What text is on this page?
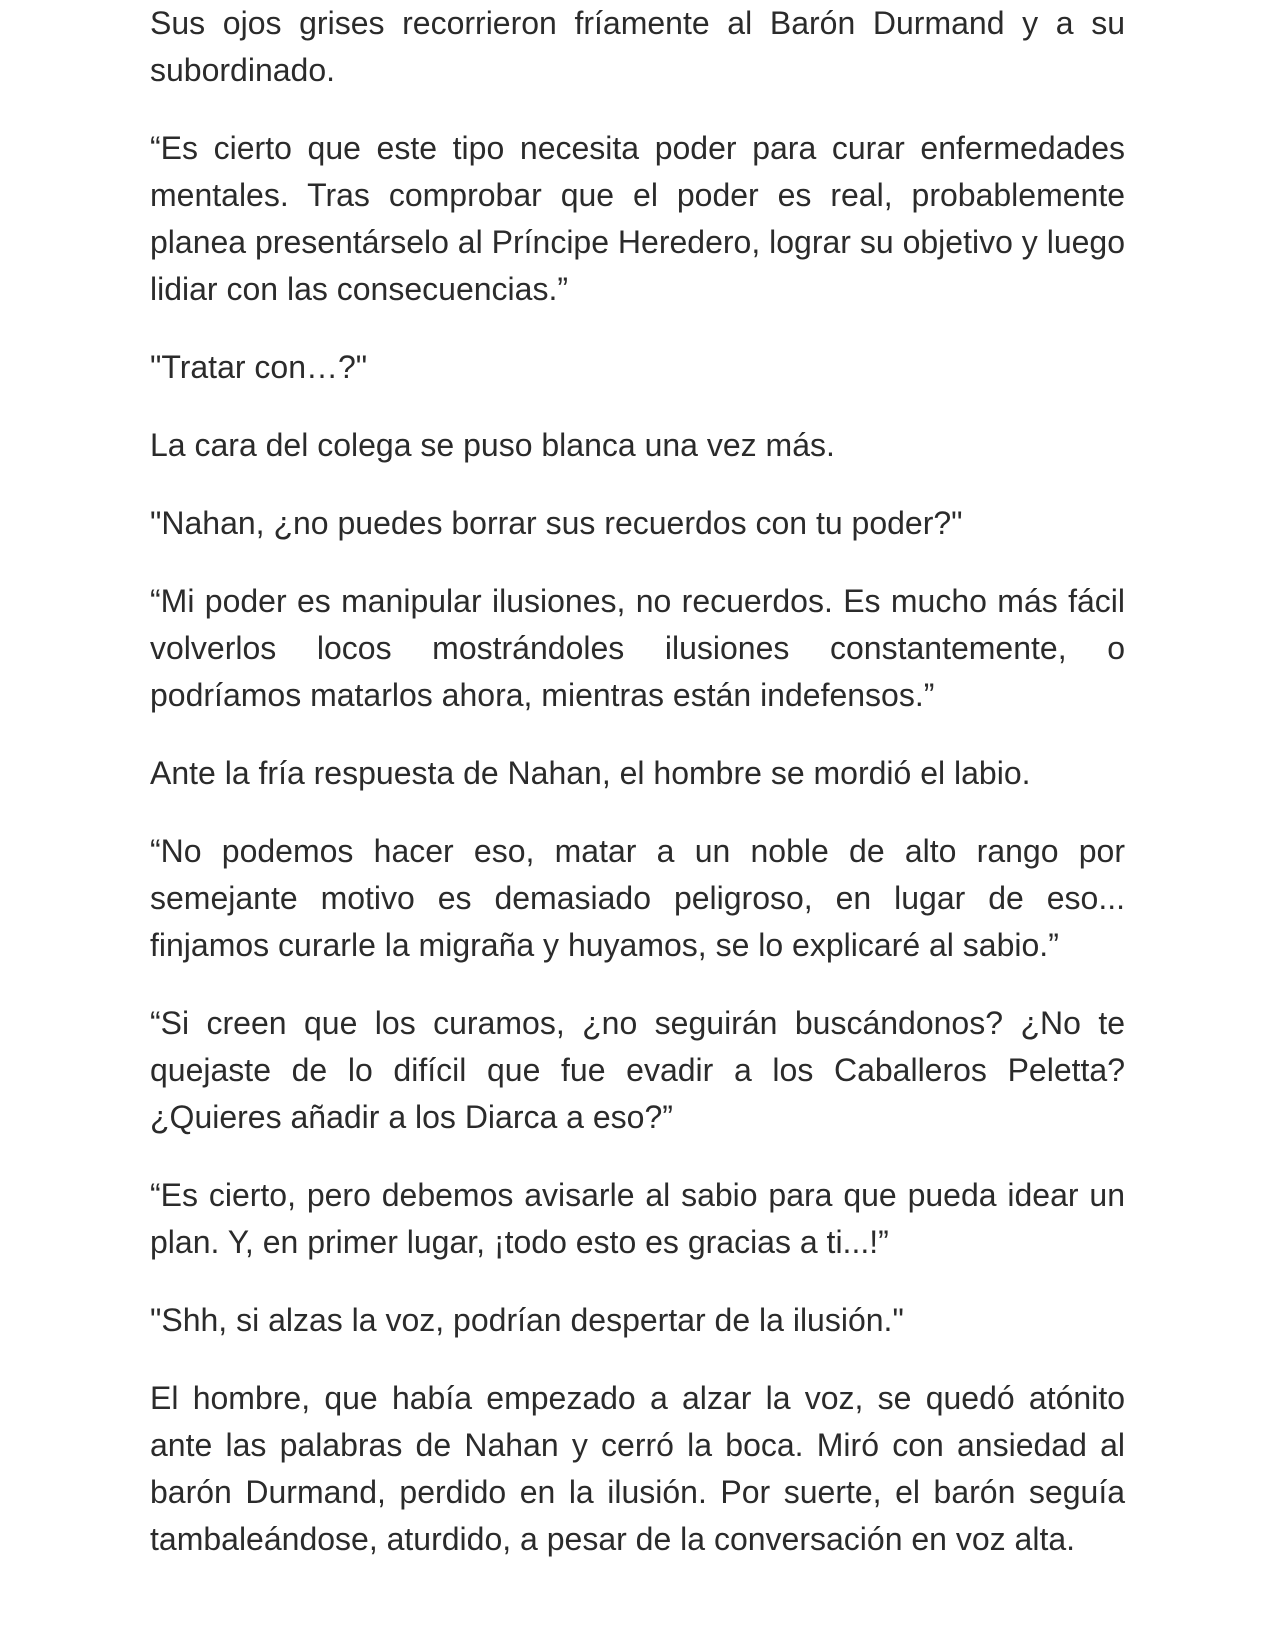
Sus ojos grises recorrieron fríamente al Barón Durmand y a su subordinado.

“Es cierto que este tipo necesita poder para curar enfermedades mentales. Tras comprobar que el poder es real, probablemente planea presentárselo al Príncipe Heredero, lograr su objetivo y luego lidiar con las consecuencias.”

"Tratar con…?"

La cara del colega se puso blanca una vez más.

"Nahan, ¿no puedes borrar sus recuerdos con tu poder?"

“Mi poder es manipular ilusiones, no recuerdos. Es mucho más fácil volverlos locos mostrándoles ilusiones constantemente, o podríamos matarlos ahora, mientras están indefensos.”

Ante la fría respuesta de Nahan, el hombre se mordió el labio.

“No podemos hacer eso, matar a un noble de alto rango por semejante motivo es demasiado peligroso, en lugar de eso... finjamos curarle la migraña y huyamos, se lo explicaré al sabio.”

“Si creen que los curamos, ¿no seguirán buscándonos? ¿No te quejaste de lo difícil que fue evadir a los Caballeros Peletta? ¿Quieres añadir a los Diarca a eso?”

“Es cierto, pero debemos avisarle al sabio para que pueda idear un plan. Y, en primer lugar, ¡todo esto es gracias a ti...!”

"Shh, si alzas la voz, podrían despertar de la ilusión."

El hombre, que había empezado a alzar la voz, se quedó atónito ante las palabras de Nahan y cerró la boca. Miró con ansiedad al barón Durmand, perdido en la ilusión. Por suerte, el barón seguía tambaleándose, aturdido, a pesar de la conversación en voz alta.
